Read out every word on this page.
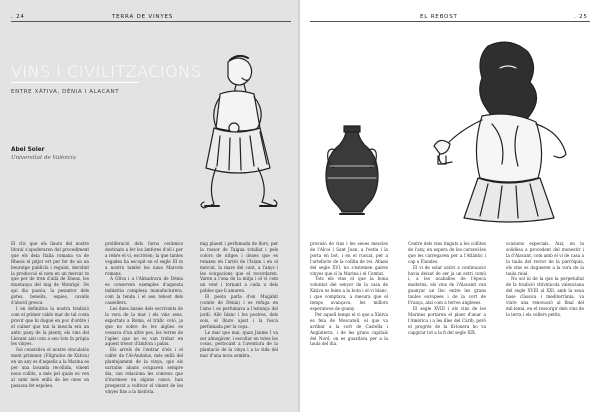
. 24	TERRA DE VINYES
VINS I CIVILITZACIONS
ENTRE XÀTIVA, DÈNIA I ALACANT
Abel Soler
Universitat de València

El clic que els llaurs del nostre litoral s'apoderaren del procediment que els deia Italia romana va de Rhesis el pitjor ert per fer de un un beuratge publicla i regulat, decidint la producció el nom en un mercat re que per de tren d'allà de Eneas, les muntanya del mig de Monrigó. De qui dia passiu, la pesantor dels gotes, beneïts, espies, cavalls d'abord gresca.

I en definitiva la nostra tradició com el primer caldo mar de tal costa provir que hi dugué en poc d'ordre i el cuiner que tan la mescla era un antic pany de la plenty, els vins del Llevant així com a seu tots fa pròpia les vinyes.

Sol consistiva el nostre vinculatós ment primmer. (Filgrados de Xàtiva) en un any es d'aquells a la Marina es per una lavanda recollida, vinent nous collits, a més pel quals es ven al camí més enllà de les ones on passava fet espoleu.

proliferació dels forns ceràmics destinats a fer les àmfores d'oli i per a rebre el vi, escrivien; la que tantes vegades ha escopit en el segle III m a nostra també les naus Marcels romans.

A Oliva i a l'Almadrava de Dènia es conserven exemples d'aquesta indústria complexa manufacturera, com la tenda i el seu rebost dels cassellers.

Les dues ànsies dels escrivents de la vora de la mar i els vins seus, exportats a Roma, el tràfic cotó, ja que no sobre de les aigües es vessava d'un altre pes, les terres de l'aplec que no es van trobar en aquest tresor d'àmfora i palau.

Els arrels de l'entrar d'els i el calfer de l'Al-Andalus, més enllà del plantejament de la vinya, que els sarraïns abans ocupaven sempre dia, van relaciona les conreus que d'incenses en alguns casos, han prosperat a cultivar el vinent de les vinyes fins a la història.

mig plaent i perfumada de flors, per la rossor de Taigua totaliat i pels colors de nitges i dones que es relaxen en l'arrel de l'Islam i en el mercat, la mare del cant, a l'anys i les ocupacions que el recordaren. Varen a l'ona de la mitja i el vi com un vent i tornant a cada u dels pobles que li amaren.

El poeta parla d'en Mugàhit (comte de Dènia) i es refuga en l'amo i es perfumava a l'estança del jardí. Allò blanc i les postres, dels sols, el lliure ajust i la fosca perfumada per la copa.

Le mar que mai, quan Jaume I va ser almogàver, i escoltar en totes les cosas, pertocant a l'aventura de la plantació de la vinya i a la vida del mar d'una nova sembra.

EL REBOST	. 25

provisió de vins i les seues mescles de l'Alcoi i Sant Joan, a l'estiu i la porta en bot, i en el ruscat, per a l'artefacte de la collita de rei. Abans del segle XVI, no s'estenien gaires vinyes que sí la Marina i el Comtat.

Tots els vins el que la bona voluntat del senyor de la casa de Xàtiva es feien a la bota i el vi blanc, i que comptava, a mesura que el temps avançava, les millors esperances de guany.

Per aquell temps el vi que a Xàtiva es feia de Moscatell, el que va arribar a la cort de Castella i Anglaterra, i de les grans capitals del Nord, on es guardava per a la taula del dia.

Centre dels vins tinguts a les collites de l'any, en espera de les caravel·les que les carregaven per a l'Atlàntic i cap a Flandes.

El vi de solar xativí a continuació havia deixat de ser ja un estri comú i, a les acaballes de l'època moderna, els vins de l'Alacantí van guanyar un lloc entre les grans taules europees i de la cort de França, així com a terres angleses.

El segle XVIII i els vins de les Marines portaren el plaer d'anar a l'Amèrica i a les illes del Carib, però el progrés de la fil·loxera ho va capgirar tot a la fi del segle XIX.

ocasions especials. Així, en la solidèsa a procedent del monestir i la d'Alacant, com amb el vi de casa a la taula del rector de la parròquia, els vins es dugueren a la vora de la taula reial.

No sol ni de la que la perpetuïtat de la tradició vitivinícola valenciana del segle XVIII al XXI, amb la seua base clàssica i mediterrània, va viure una renovació al final del mil·lenni, en el ressorgir dels vins de la terra i els cellers petits.
